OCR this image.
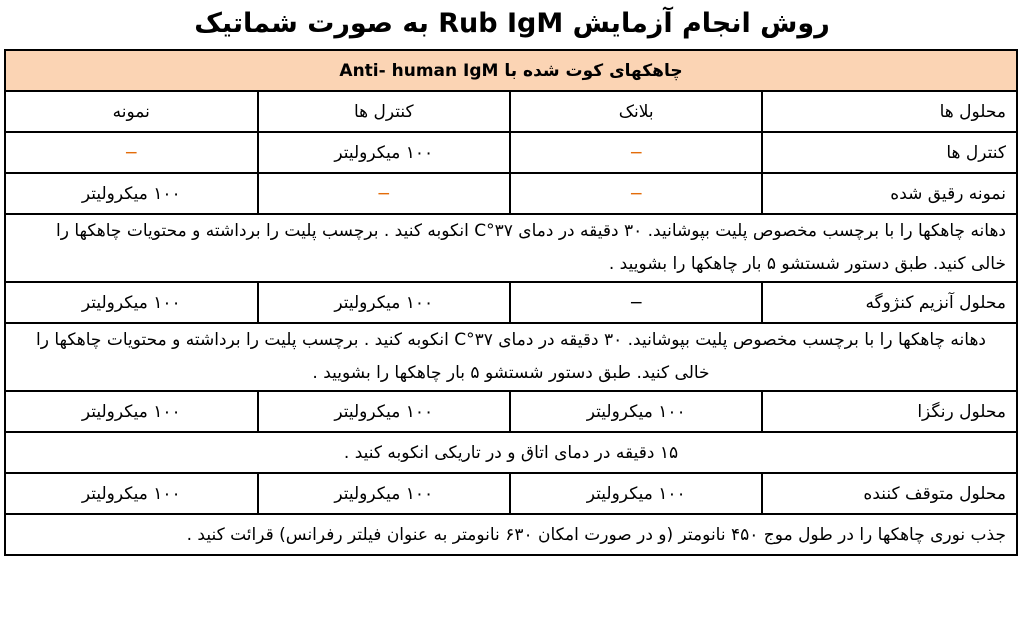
روش انجام آزمایش Rub IgM به صورت شماتیک
چاهکهای کوت شده با Anti- human IgM			
محلول ها	بلانک	کنترل ها	نمونه
کنترل ها	−	۱۰۰ میکرولیتر	−
نمونه رقیق شده	−	−	۱۰۰ میکرولیتر
دهانه چاهکها را با برچسب مخصوص پلیت بپوشانید. ۳۰ دقیقه در دمای ۳۷°C انکوبه کنید . برچسب پلیت را برداشته و محتویات چاهکها را خالی کنید. طبق دستور شستشو ۵ بار چاهکها را بشویید .			
محلول آنزیم کنژوگه	−	۱۰۰ میکرولیتر	۱۰۰ میکرولیتر
دهانه چاهکها را با برچسب مخصوص پلیت بپوشانید. ۳۰ دقیقه در دمای ۳۷°C انکوبه کنید . برچسب پلیت را برداشته و محتویات چاهکها را خالی کنید. طبق دستور شستشو ۵ بار چاهکها را بشویید .			
محلول رنگزا	۱۰۰ میکرولیتر	۱۰۰ میکرولیتر	۱۰۰ میکرولیتر
۱۵ دقیقه در دمای اتاق و در تاریکی انکوبه کنید .			
محلول متوقف کننده	۱۰۰ میکرولیتر	۱۰۰ میکرولیتر	۱۰۰ میکرولیتر
جذب نوری چاهکها را در طول موج ۴۵۰ نانومتر (و در صورت امکان ۶۳۰ نانومتر به عنوان فیلتر رفرانس) قرائت کنید .			
